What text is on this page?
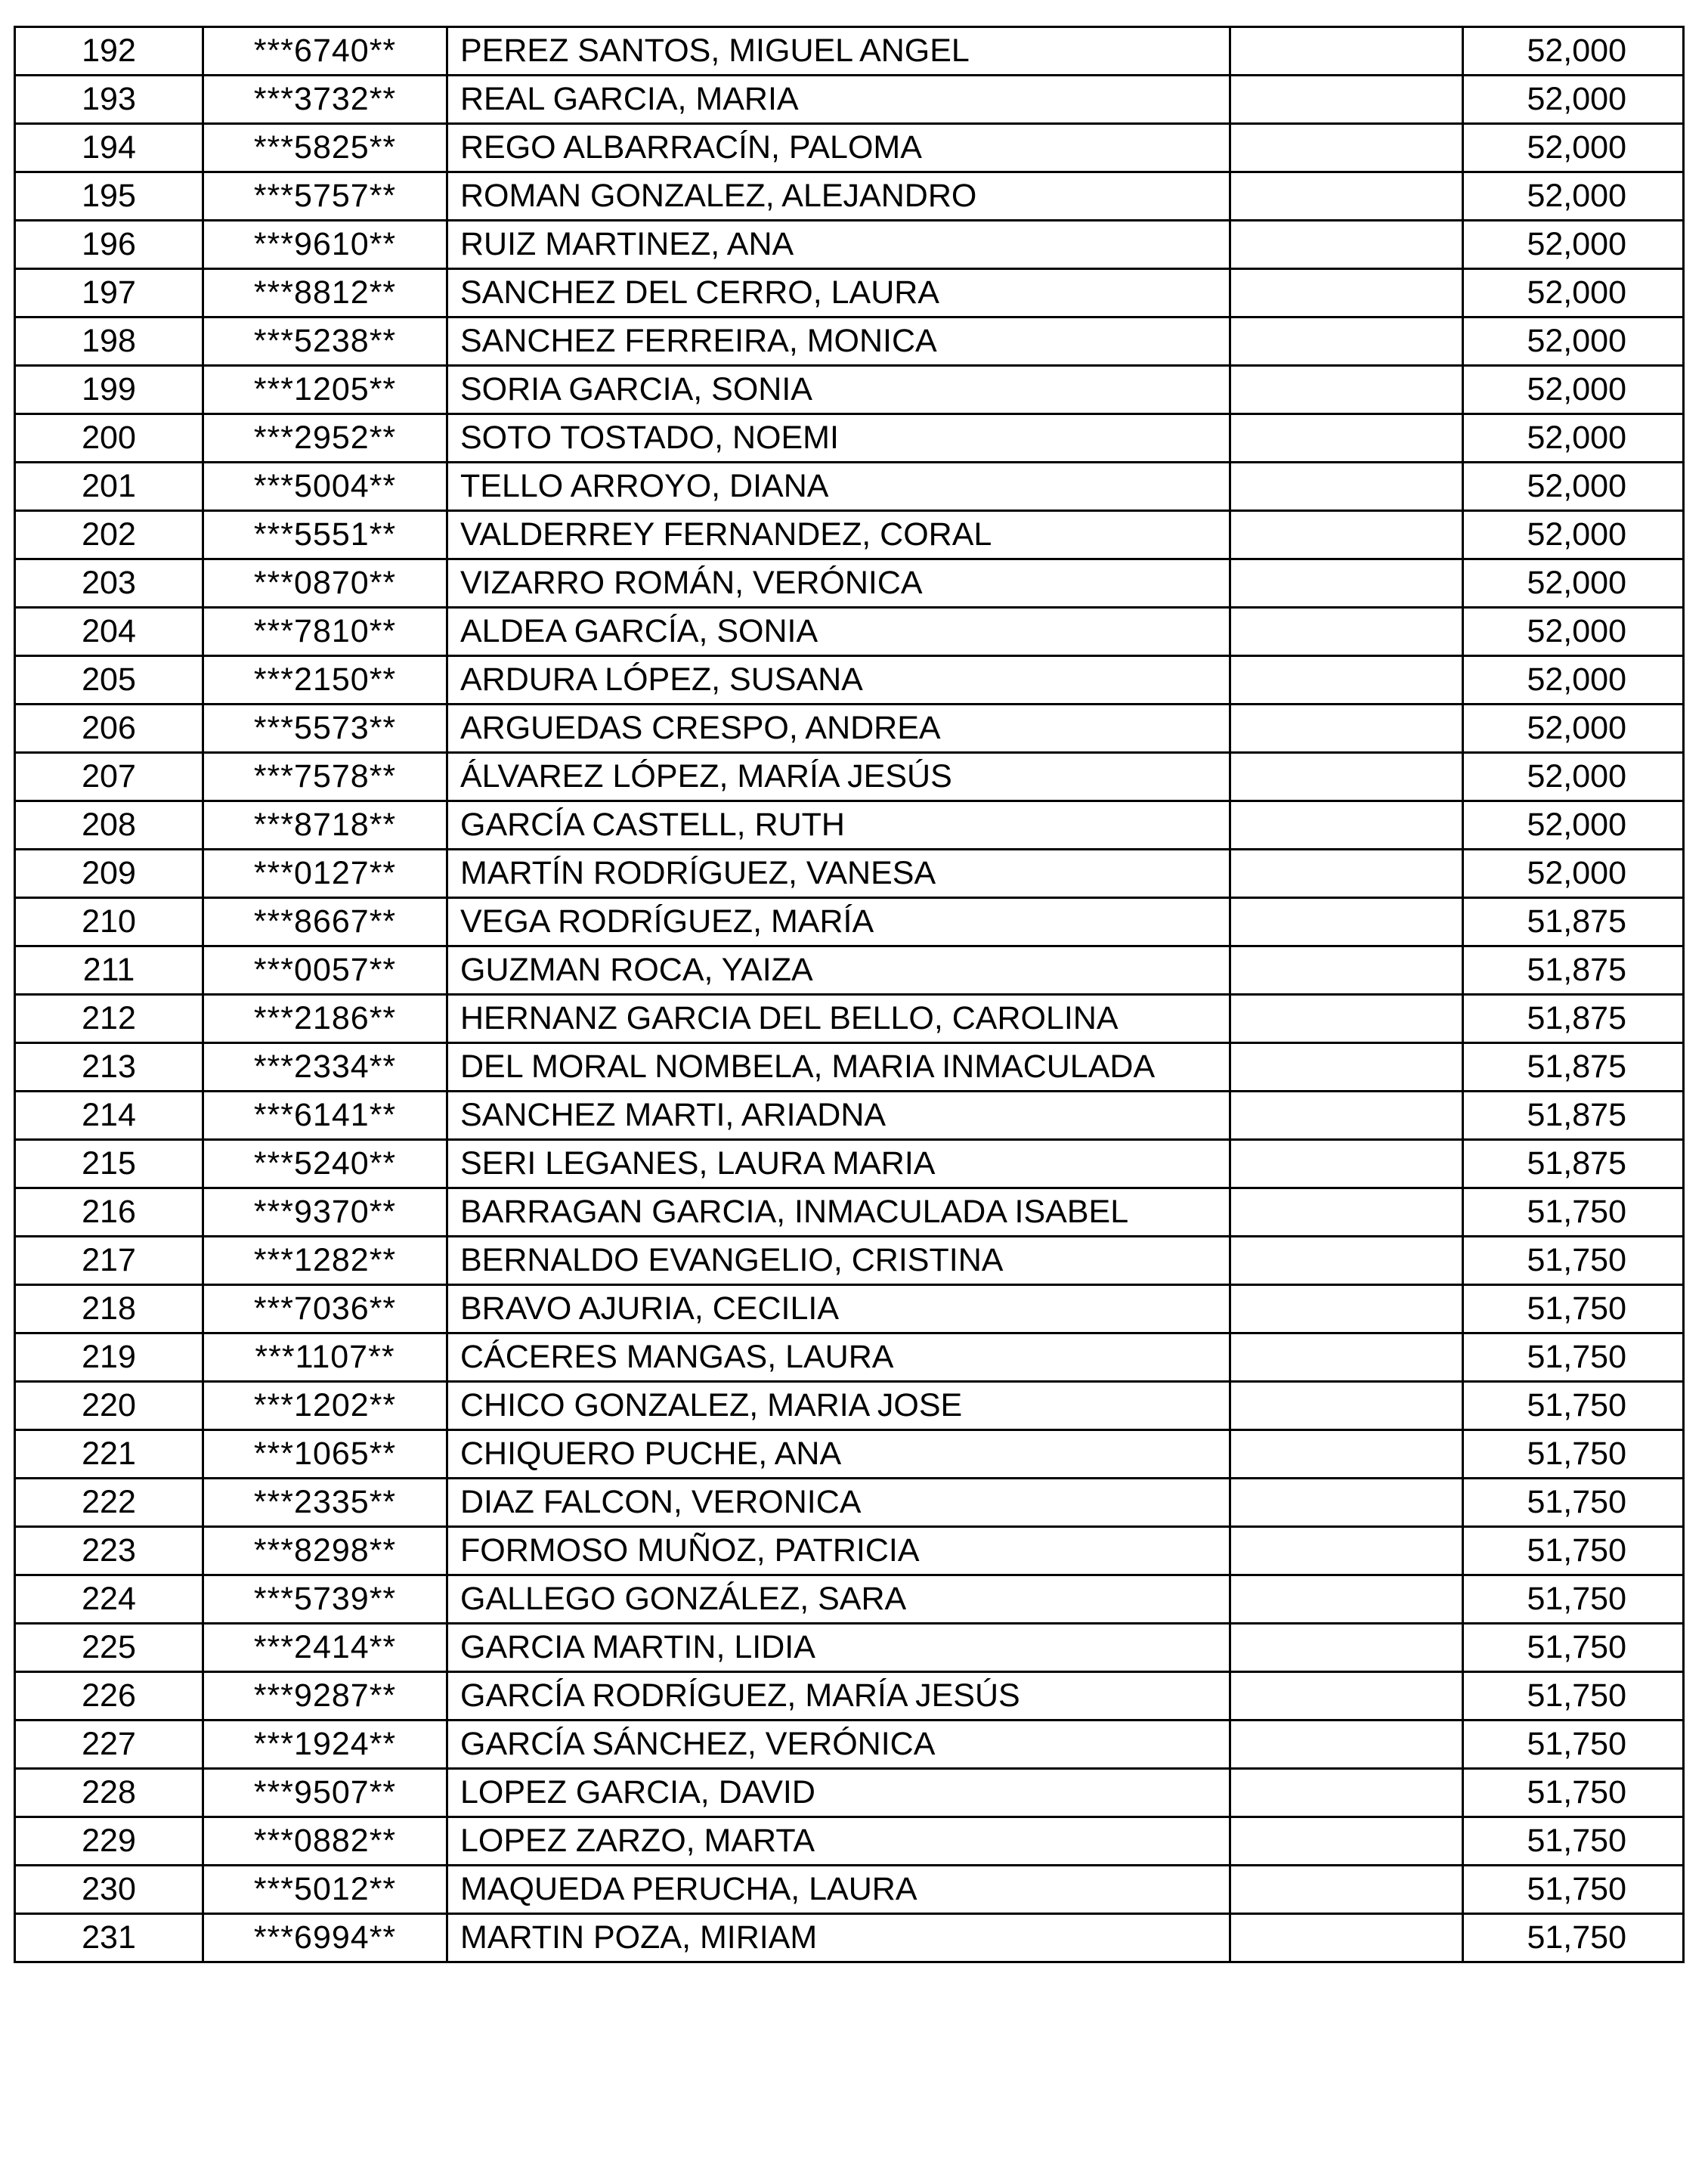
192	***6740**	PEREZ SANTOS, MIGUEL ANGEL		52,000
193	***3732**	REAL GARCIA, MARIA		52,000
194	***5825**	REGO ALBARRACÍN, PALOMA		52,000
195	***5757**	ROMAN GONZALEZ, ALEJANDRO		52,000
196	***9610**	RUIZ MARTINEZ, ANA		52,000
197	***8812**	SANCHEZ DEL CERRO, LAURA		52,000
198	***5238**	SANCHEZ FERREIRA, MONICA		52,000
199	***1205**	SORIA GARCIA, SONIA		52,000
200	***2952**	SOTO TOSTADO, NOEMI		52,000
201	***5004**	TELLO ARROYO, DIANA		52,000
202	***5551**	VALDERREY FERNANDEZ, CORAL		52,000
203	***0870**	VIZARRO ROMÁN, VERÓNICA		52,000
204	***7810**	ALDEA GARCÍA, SONIA		52,000
205	***2150**	ARDURA LÓPEZ, SUSANA		52,000
206	***5573**	ARGUEDAS CRESPO, ANDREA		52,000
207	***7578**	ÁLVAREZ LÓPEZ, MARÍA JESÚS		52,000
208	***8718**	GARCÍA CASTELL, RUTH		52,000
209	***0127**	MARTÍN RODRÍGUEZ, VANESA		52,000
210	***8667**	VEGA RODRÍGUEZ, MARÍA		51,875
211	***0057**	GUZMAN ROCA, YAIZA		51,875
212	***2186**	HERNANZ GARCIA DEL BELLO, CAROLINA		51,875
213	***2334**	DEL MORAL NOMBELA, MARIA INMACULADA		51,875
214	***6141**	SANCHEZ MARTI, ARIADNA		51,875
215	***5240**	SERI LEGANES, LAURA MARIA		51,875
216	***9370**	BARRAGAN GARCIA, INMACULADA ISABEL		51,750
217	***1282**	BERNALDO EVANGELIO, CRISTINA		51,750
218	***7036**	BRAVO AJURIA, CECILIA		51,750
219	***1107**	CÁCERES MANGAS, LAURA		51,750
220	***1202**	CHICO GONZALEZ, MARIA JOSE		51,750
221	***1065**	CHIQUERO PUCHE, ANA		51,750
222	***2335**	DIAZ FALCON, VERONICA		51,750
223	***8298**	FORMOSO MUÑOZ, PATRICIA		51,750
224	***5739**	GALLEGO GONZÁLEZ, SARA		51,750
225	***2414**	GARCIA MARTIN, LIDIA		51,750
226	***9287**	GARCÍA RODRÍGUEZ, MARÍA JESÚS		51,750
227	***1924**	GARCÍA SÁNCHEZ, VERÓNICA		51,750
228	***9507**	LOPEZ GARCIA, DAVID		51,750
229	***0882**	LOPEZ ZARZO, MARTA		51,750
230	***5012**	MAQUEDA PERUCHA, LAURA		51,750
231	***6994**	MARTIN POZA, MIRIAM		51,750
